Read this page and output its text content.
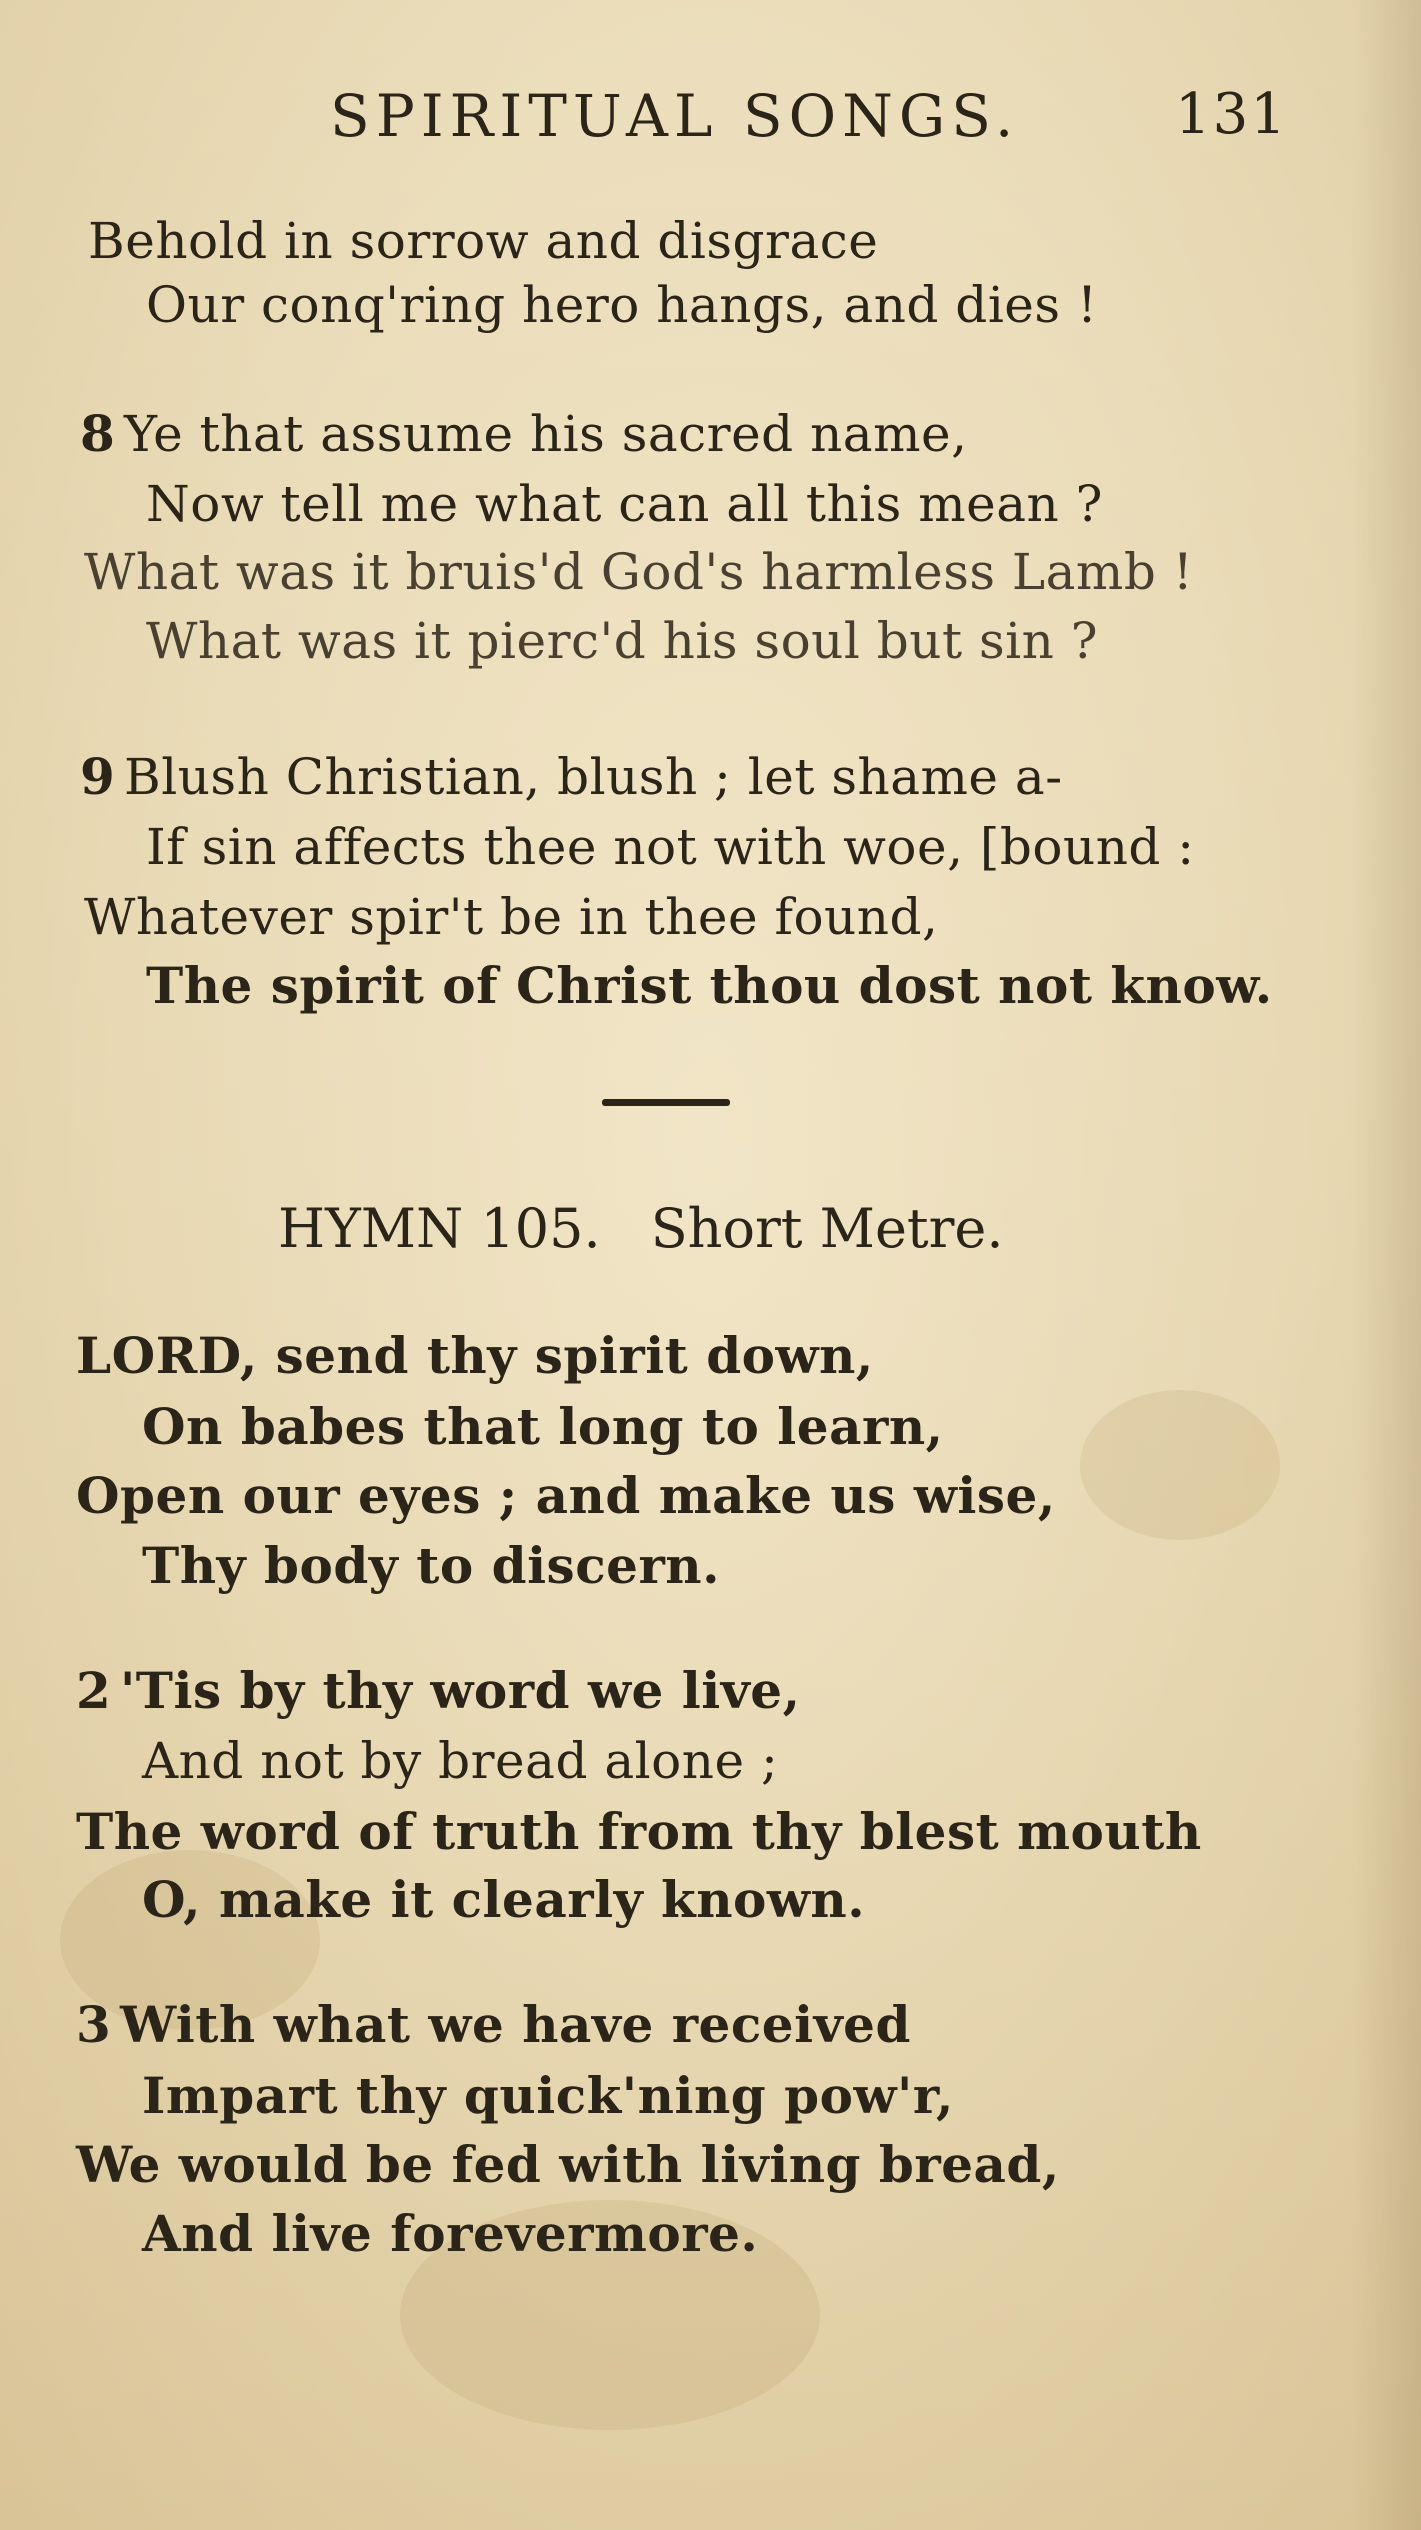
SPIRITUAL SONGS.	131
Behold in sorrow and disgrace
Our conq'ring hero hangs, and dies !
8 Ye that assume his sacred name,
Now tell me what can all this mean ?
What was it bruis'd God's harmless Lamb !
What was it pierc'd his soul but sin ?
9 Blush Christian, blush ; let shame a-
If sin affects thee not with woe, [bound :
Whatever spir't be in thee found,
The spirit of Christ thou dost not know.
HYMN 105. Short Metre.
LORD, send thy spirit down,
On babes that long to learn,
Open our eyes ; and make us wise,
Thy body to discern.
2 'Tis by thy word we live,
And not by bread alone ;
The word of truth from thy blest mouth
O, make it clearly known.
3 With what we have received
Impart thy quick'ning pow'r,
We would be fed with living bread,
And live forevermore.
